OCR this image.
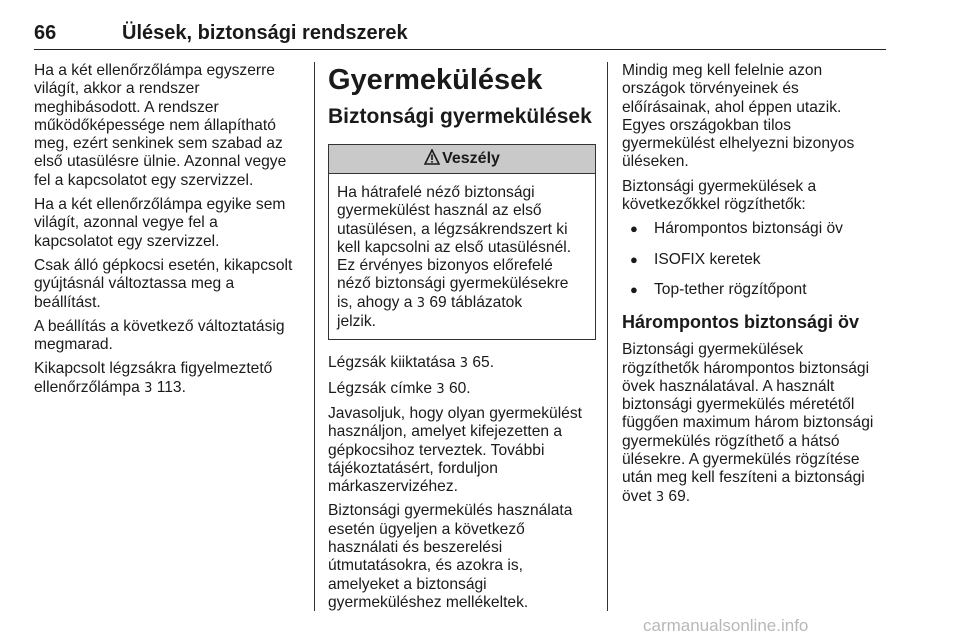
66	Ülések, biztonsági rendszerek

Ha a két ellenőrzőlámpa egyszerre
világít, akkor a rendszer
meghibásodott. A rendszer
működőképessége nem állapítható
meg, ezért senkinek sem szabad az
első utasülésre ülnie. Azonnal vegye
fel a kapcsolatot egy szervizzel.

Ha a két ellenőrzőlámpa egyike sem
világít, azonnal vegye fel a
kapcsolatot egy szervizzel.

Csak álló gépkocsi esetén, kikapcsolt
gyújtásnál változtassa meg a
beállítást.

A beállítás a következő változtatásig
megmarad.

Kikapcsolt légzsákra figyelmeztető
ellenőrzőlámpa 3 113.

Gyermekülések
Biztonsági gyermekülések
Veszély
Ha hátrafelé néző biztonsági
gyermekülést használ az első
utasülésen, a légzsákrendszert ki
kell kapcsolni az első utasülésnél.
Ez érvényes bizonyos előrefelé
néző biztonsági gyermekülésekre
is, ahogy a 3 69 táblázatok
jelzik.

Légzsák kiiktatása 3 65.

Légzsák címke 3 60.

Javasoljuk, hogy olyan gyermekülést
használjon, amelyet kifejezetten a
gépkocsihoz terveztek. További
tájékoztatásért, forduljon
márkaszervizéhez.

Biztonsági gyermekülés használata
esetén ügyeljen a következő
használati és beszerelési
útmutatásokra, és azokra is,
amelyeket a biztonsági
gyermeküléshez mellékeltek.

Mindig meg kell felelnie azon
országok törvényeinek és
előírásainak, ahol éppen utazik.
Egyes országokban tilos
gyermekülést elhelyezni bizonyos
üléseken.

Biztonsági gyermekülések a
következőkkel rögzíthetők:

●	Hárompontos biztonsági öv
●	ISOFIX keretek
●	Top-tether rögzítőpont
Hárompontos biztonsági öv

Biztonsági gyermekülések
rögzíthetők hárompontos biztonsági
övek használatával. A használt
biztonsági gyermekülés méretétől
függően maximum három biztonsági
gyermekülés rögzíthető a hátsó
ülésekre. A gyermekülés rögzítése
után meg kell feszíteni a biztonsági
övet 3 69.

carmanualsonline.info
